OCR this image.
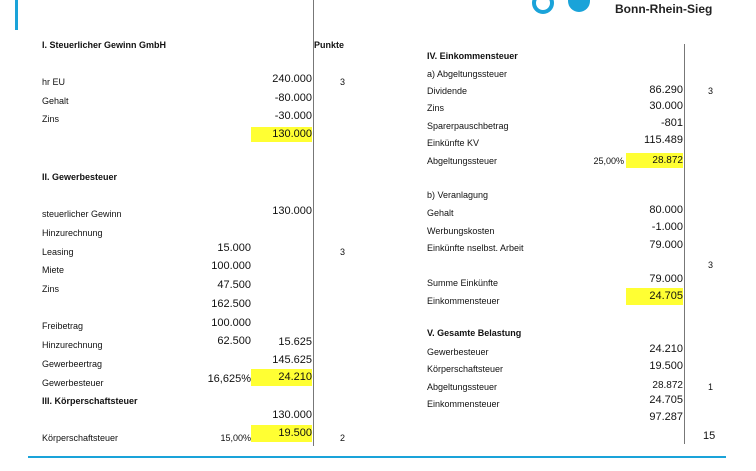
Bonn-Rhein-Sieg
I. Steuerlicher Gewinn GmbH	Punkte
hr EU	240.000	3
Gehalt	-80.000
Zins	-30.000
130.000
II. Gewerbesteuer
steuerlicher Gewinn	130.000
Hinzurechnung
Leasing	15.000	3
Miete	100.000
Zins	47.500
162.500
Freibetrag	100.000
Hinzurechnung	62.500 15.625
Gewerbeertrag	145.625
Gewerbesteuer	16,625%	24.210
III. Körperschaftsteuer
130.000
Körperschaftsteuer	15,00%	19.500	2
IV. Einkommensteuer
a) Abgeltungssteuer
Dividende	86.290	3
Zins	30.000
Sparerpauschbetrag	-801
Einkünfte KV	115.489
Abgeltungssteuer	25,00%	28.872
b) Veranlagung
Gehalt	80.000
Werbungskosten	-1.000
Einkünfte nselbst. Arbeit	79.000
3
Summe Einkünfte	79.000
Einkommensteuer	24.705
V. Gesamte Belastung
Gewerbesteuer	24.210
Körperschaftsteuer	19.500
Abgeltungssteuer	28.872	1
Einkommensteuer	24.705
97.287
15
